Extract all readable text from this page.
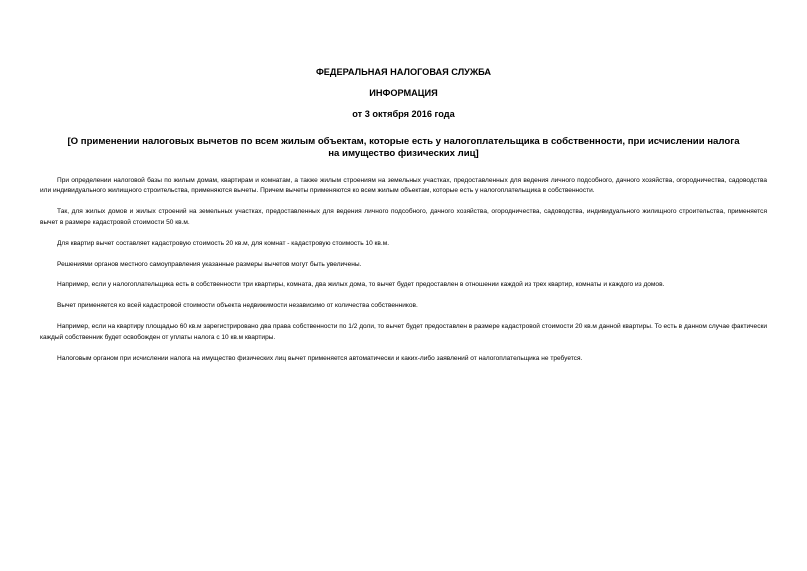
ФЕДЕРАЛЬНАЯ НАЛОГОВАЯ СЛУЖБА

ИНФОРМАЦИЯ

от 3 октября 2016 года

[О применении налоговых вычетов по всем жилым объектам, которые есть у налогоплательщика в собственности, при исчислении налога на имущество физических лиц]

При определении налоговой базы по жилым домам, квартирам и комнатам, а также жилым строениям на земельных участках, предоставленных для ведения личного подсобного, дачного хозяйства, огородничества, садоводства или индивидуального жилищного строительства, применяются вычеты. Причем вычеты применяются ко всем жилым объектам, которые есть у налогоплательщика в собственности.

Так, для жилых домов и жилых строений на земельных участках, предоставленных для ведения личного подсобного, дачного хозяйства, огородничества, садоводства, индивидуального жилищного строительства, применяется вычет в размере кадастровой стоимости 50 кв.м.

Для квартир вычет составляет кадастровую стоимость 20 кв.м, для комнат - кадастровую стоимость 10 кв.м.

Решениями органов местного самоуправления указанные размеры вычетов могут быть увеличены.

Например, если у налогоплательщика есть в собственности три квартиры, комната, два жилых дома, то вычет будет предоставлен в отношении каждой из трех квартир, комнаты и каждого из домов.

Вычет применяется ко всей кадастровой стоимости объекта недвижимости независимо от количества собственников.

Например, если на квартиру площадью 60 кв.м зарегистрировано два права собственности по 1/2 доли, то вычет будет предоставлен в размере кадастровой стоимости 20 кв.м данной квартиры. То есть в данном случае фактически каждый собственник будет освобожден от уплаты налога с 10 кв.м квартиры.

Налоговым органом при исчислении налога на имущество физических лиц вычет применяется автоматически и каких-либо заявлений от налогоплательщика не требуется.
